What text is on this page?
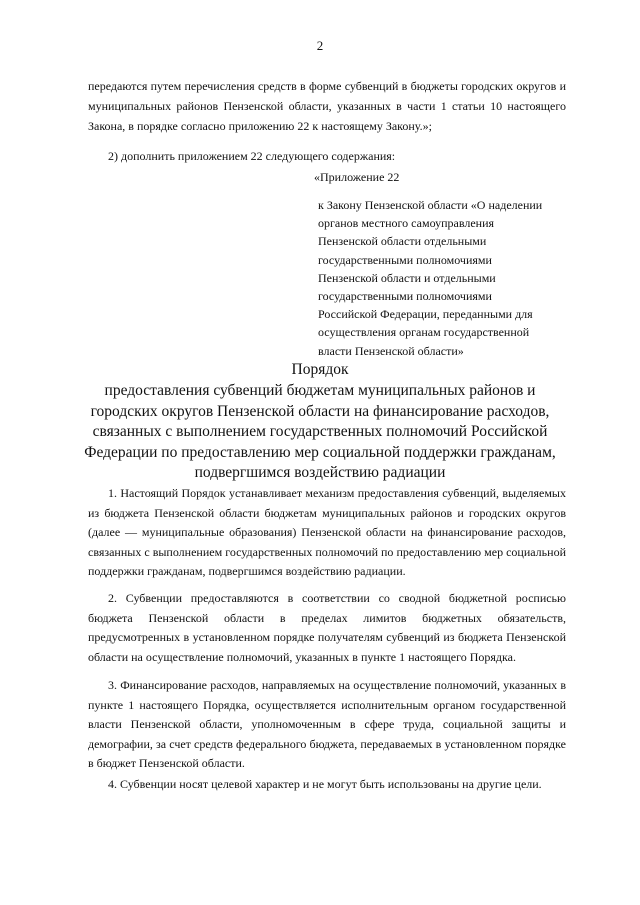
2

передаются путем перечисления средств в форме субвенций в бюджеты городских округов и муниципальных районов Пензенской области, указанных в части 1 статьи 10 настоящего Закона, в порядке согласно приложению 22 к настоящему Закону.»;

2) дополнить приложением 22 следующего содержания:

«Приложение 22
к Закону Пензенской области «О наделении
органов местного самоуправления
Пензенской области отдельными
государственными полномочиями
Пензенской области и отдельными
государственными полномочиями
Российской Федерации, переданными для
осуществления органам государственной
власти Пензенской области»
Порядок
предоставления субвенций бюджетам муниципальных районов и
городских округов Пензенской области на финансирование расходов,
связанных с выполнением государственных полномочий Российской
Федерации по предоставлению мер социальной поддержки гражданам,
подвергшимся воздействию радиации
1. Настоящий Порядок устанавливает механизм предоставления субвенций, выделяемых из бюджета Пензенской области бюджетам муниципальных районов и городских округов (далее — муниципальные образования) Пензенской области на финансирование расходов, связанных с выполнением государственных полномочий по предоставлению мер социальной поддержки гражданам, подвергшимся воздействию радиации.
2. Субвенции предоставляются в соответствии со сводной бюджетной росписью бюджета Пензенской области в пределах лимитов бюджетных обязательств, предусмотренных в установленном порядке получателям субвенций из бюджета Пензенской области на осуществление полномочий, указанных в пункте 1 настоящего Порядка.
3. Финансирование расходов, направляемых на осуществление полномочий, указанных в пункте 1 настоящего Порядка, осуществляется исполнительным органом государственной власти Пензенской области, уполномоченным в сфере труда, социальной защиты и демографии, за счет средств федерального бюджета, передаваемых в установленном порядке в бюджет Пензенской области.
4. Субвенции носят целевой характер и не могут быть использованы на другие цели.
